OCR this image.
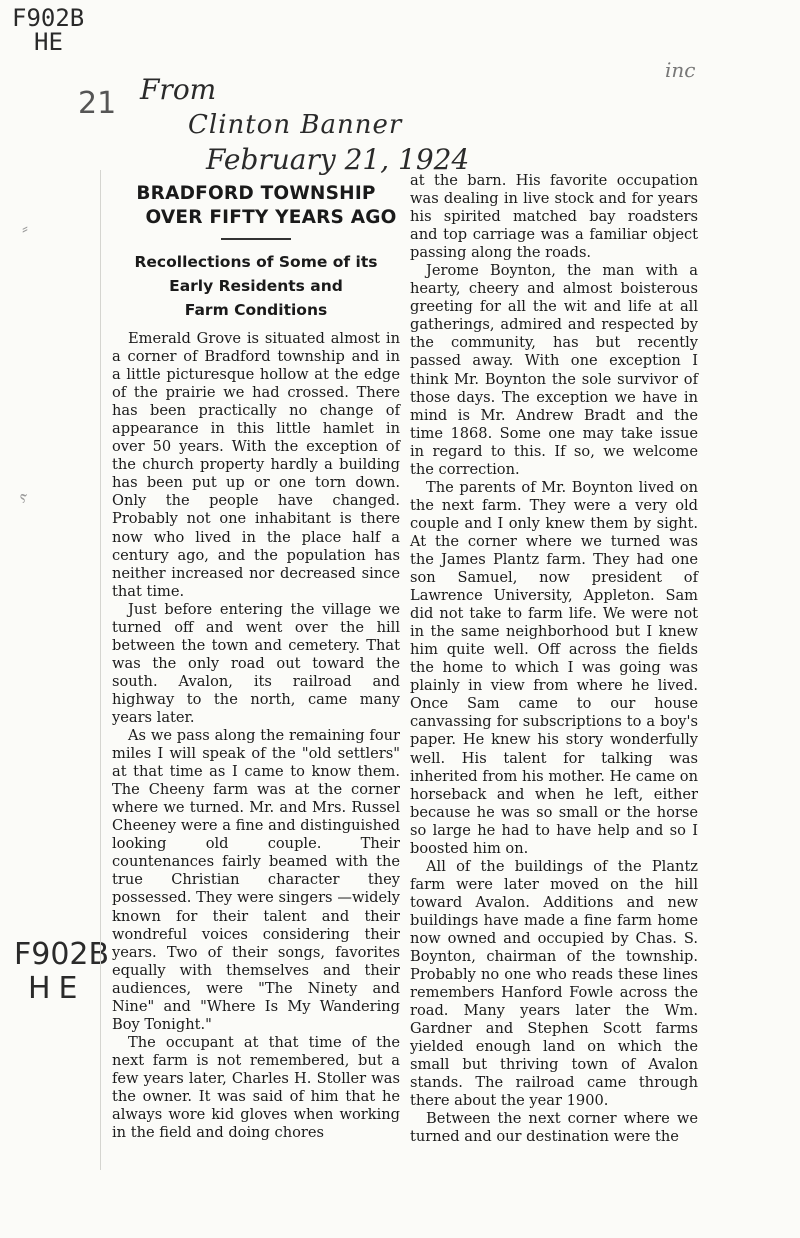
F902B
HE
21
inc
From
Clinton Banner
February 21, 1924
F902B
HE
⸗
ⲋ
BRADFORD TOWNSHIP
OVER FIFTY YEARS AGO
Recollections of Some of its
Early Residents and
Farm Conditions

Emerald Grove is situated almost in a corner of Bradford township and in a little picturesque hollow at the edge of the prairie we had crossed. There has been practically no change of appearance in this little hamlet in over 50 years. With the exception of the church property hardly a building has been put up or one torn down. Only the people have changed. Probably not one inhabitant is there now who lived in the place half a century ago, and the population has neither increased nor decreased since that time.

Just before entering the village we turned off and went over the hill between the town and cemetery. That was the only road out toward the south. Avalon, its railroad and highway to the north, came many years later.

As we pass along the remaining four miles I will speak of the "old settlers" at that time as I came to know them. The Cheeny farm was at the corner where we turned. Mr. and Mrs. Russel Cheeney were a fine and distinguished looking old couple. Their countenances fairly beamed with the true Christian character they possessed. They were singers —widely known for their talent and their wondreful voices considering their years. Two of their songs, favorites equally with themselves and their audiences, were "The Ninety and Nine" and "Where Is My Wandering Boy Tonight."

The occupant at that time of the next farm is not remembered, but a few years later, Charles H. Stoller was the owner. It was said of him that he always wore kid gloves when working in the field and doing chores

at the barn. His favorite occupation was dealing in live stock and for years his spirited matched bay roadsters and top carriage was a familiar object passing along the roads.

Jerome Boynton, the man with a hearty, cheery and almost boisterous greeting for all the wit and life at all gatherings, admired and respected by the community, has but recently passed away. With one exception I think Mr. Boynton the sole survivor of those days. The exception we have in mind is Mr. Andrew Bradt and the time 1868. Some one may take issue in regard to this. If so, we welcome the correction.

The parents of Mr. Boynton lived on the next farm. They were a very old couple and I only knew them by sight. At the corner where we turned was the James Plantz farm. They had one son Samuel, now president of Lawrence University, Appleton. Sam did not take to farm life. We were not in the same neighborhood but I knew him quite well. Off across the fields the home to which I was going was plainly in view from where he lived. Once Sam came to our house canvassing for subscriptions to a boy's paper. He knew his story wonderfully well. His talent for talking was inherited from his mother. He came on horseback and when he left, either because he was so small or the horse so large he had to have help and so I boosted him on.

All of the buildings of the Plantz farm were later moved on the hill toward Avalon. Additions and new buildings have made a fine farm home now owned and occupied by Chas. S. Boynton, chairman of the township. Probably no one who reads these lines remembers Hanford Fowle across the road. Many years later the Wm. Gardner and Stephen Scott farms yielded enough land on which the small but thriving town of Avalon stands. The railroad came through there about the year 1900.

Between the next corner where we turned and our destination were the
